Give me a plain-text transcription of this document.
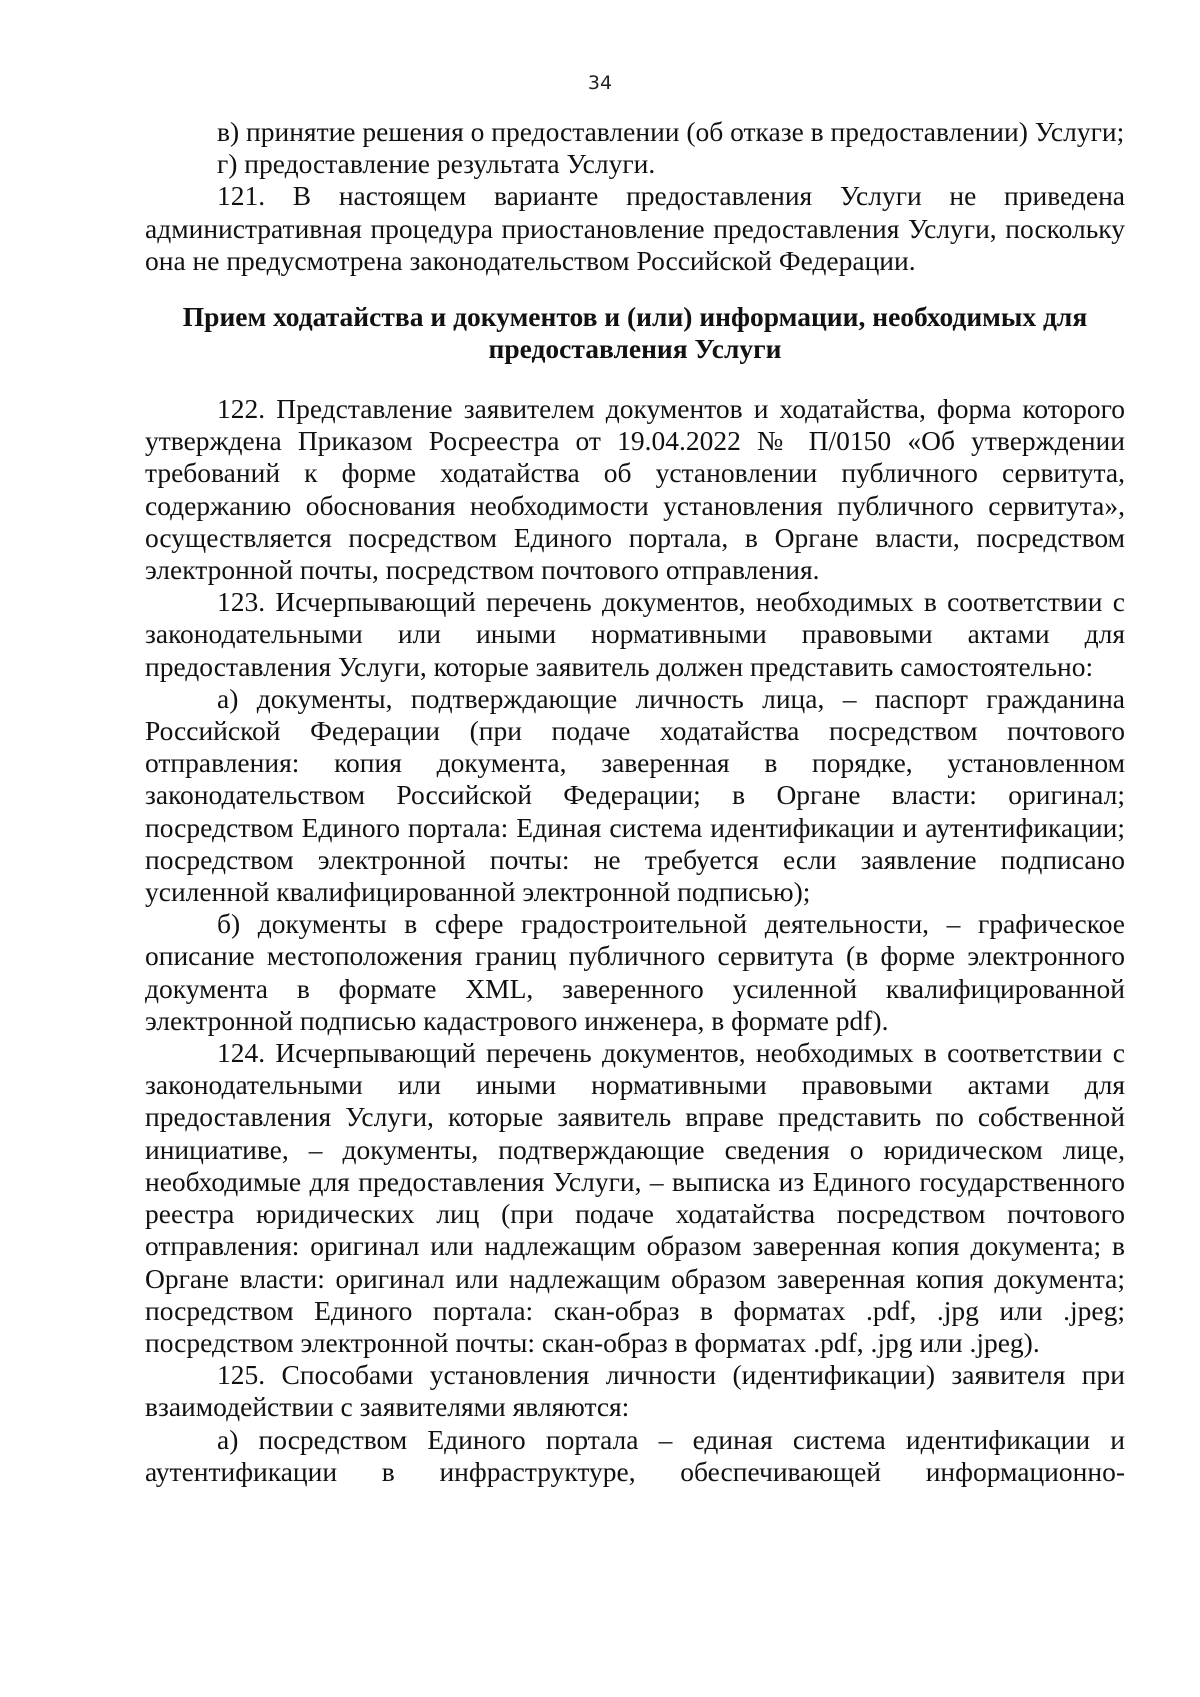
34

в) принятие решения о предоставлении (об отказе в предоставлении) Услуги;

г) предоставление результата Услуги.

121. В настоящем варианте предоставления Услуги не приведена административная процедура приостановление предоставления Услуги, поскольку она не предусмотрена законодательством Российской Федерации.

Прием ходатайства и документов и (или) информации, необходимых для
предоставления Услуги

122. Представление заявителем документов и ходатайства, форма которого утверждена Приказом Росреестра от 19.04.2022 № П/0150 «Об утверждении требований к форме ходатайства об установлении публичного сервитута, содержанию обоснования необходимости установления публичного сервитута», осуществляется посредством Единого портала, в Органе власти, посредством электронной почты, посредством почтового отправления.

123. Исчерпывающий перечень документов, необходимых в соответствии с законодательными или иными нормативными правовыми актами для предоставления Услуги, которые заявитель должен представить самостоятельно:

а) документы, подтверждающие личность лица, – паспорт гражданина Российской Федерации (при подаче ходатайства посредством почтового отправления: копия документа, заверенная в порядке, установленном законодательством Российской Федерации; в Органе власти: оригинал; посредством Единого портала: Единая система идентификации и аутентификации; посредством электронной почты: не требуется если заявление подписано усиленной квалифицированной электронной подписью);

б) документы в сфере градостроительной деятельности, – графическое описание местоположения границ публичного сервитута (в форме электронного документа в формате XML, заверенного усиленной квалифицированной электронной подписью кадастрового инженера, в формате pdf).

124. Исчерпывающий перечень документов, необходимых в соответствии с законодательными или иными нормативными правовыми актами для предоставления Услуги, которые заявитель вправе представить по собственной инициативе, – документы, подтверждающие сведения о юридическом лице, необходимые для предоставления Услуги, – выписка из Единого государственного реестра юридических лиц (при подаче ходатайства посредством почтового отправления: оригинал или надлежащим образом заверенная копия документа; в Органе власти: оригинал или надлежащим образом заверенная копия документа; посредством Единого портала: скан-образ в форматах .pdf, .jpg или .jpeg; посредством электронной почты: скан-образ в форматах .pdf, .jpg или .jpeg).

125. Способами установления личности (идентификации) заявителя при взаимодействии с заявителями являются:

а) посредством Единого портала – единая система идентификации и аутентификации в инфраструктуре, обеспечивающей информационно-
